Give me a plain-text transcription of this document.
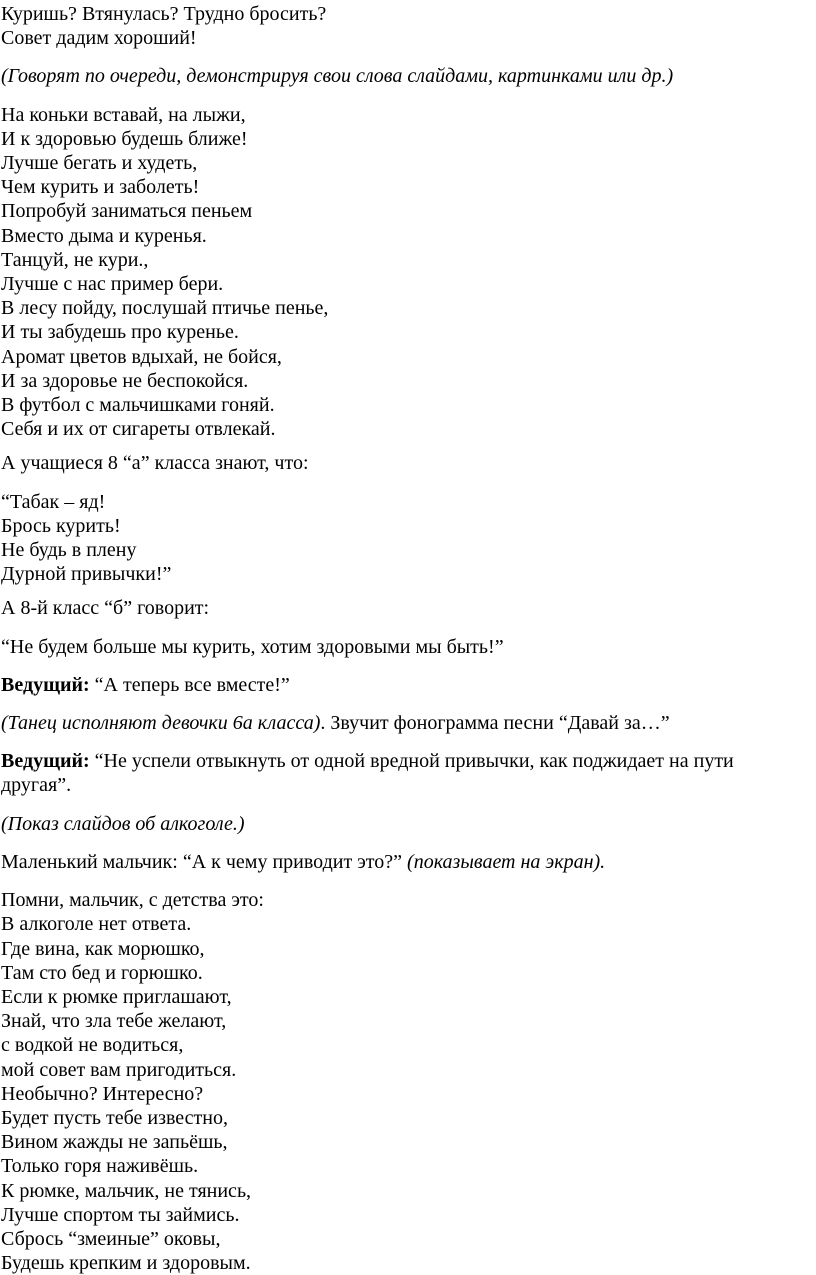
Куришь? Втянулась? Трудно бросить?
Совет дадим хороший!
(Говорят по очереди, демонстрируя свои слова слайдами, картинками или др.)
На коньки вставай, на лыжи,
И к здоровью будешь ближе!
Лучше бегать и худеть,
Чем курить и заболеть!
Попробуй заниматься пеньем
Вместо дыма и куренья.
Танцуй, не кури.,
Лучше с нас пример бери.
В лесу пойду, послушай птичье пенье,
И ты забудешь про куренье.
Аромат цветов вдыхай, не бойся,
И за здоровье не беспокойся.
В футбол с мальчишками гоняй.
Себя и их от сигареты отвлекай.
А учащиеся 8 “а” класса знают, что:
“Табак – яд!
Брось курить!
Не будь в плену
Дурной привычки!”
А 8-й класс “б” говорит:
“Не будем больше мы курить, хотим здоровыми мы быть!”
Ведущий: “А теперь все вместе!”
(Танец исполняют девочки 6а класса). Звучит фонограмма песни “Давай за…”
Ведущий: “Не успели отвыкнуть от одной вредной привычки, как поджидает на пути другая”.
(Показ слайдов об алкоголе.)
Маленький мальчик: “А к чему приводит это?” (показывает на экран).
Помни, мальчик, с детства это:
В алкоголе нет ответа.
Где вина, как морюшко,
Там сто бед и горюшко.
Если к рюмке приглашают,
Знай, что зла тебе желают,
с водкой не водиться,
мой совет вам пригодиться.
Необычно? Интересно?
Будет пусть тебе известно,
Вином жажды не запьёшь,
Только горя наживёшь.
К рюмке, мальчик, не тянись,
Лучше спортом ты займись.
Сбрось “змеиные” оковы,
Будешь крепким и здоровым.
